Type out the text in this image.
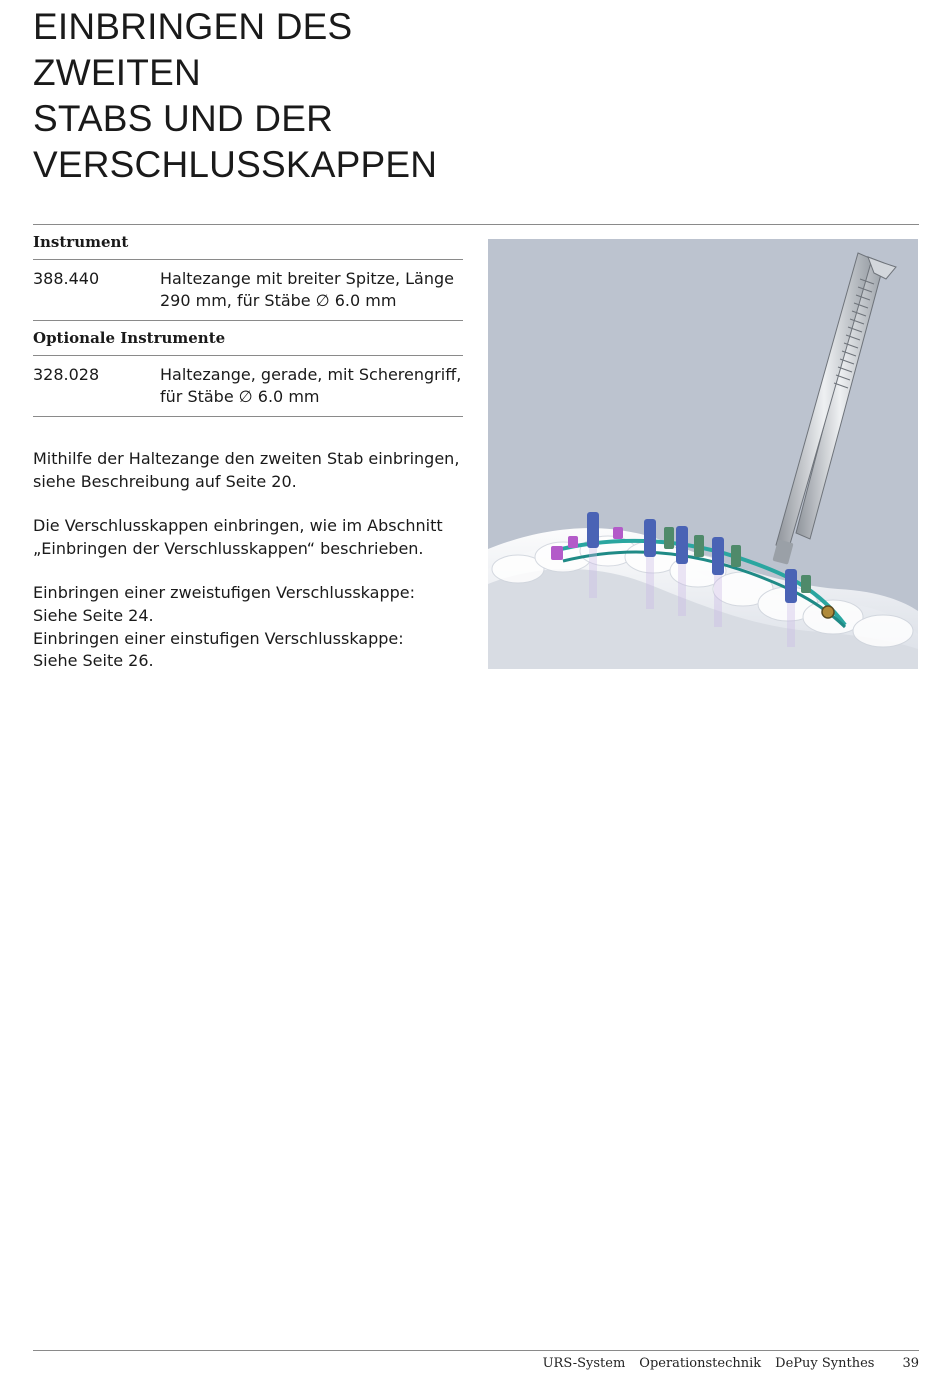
EINBRINGEN DES ZWEITEN
STABS UND DER
VERSCHLUSSKAPPEN
Instrument
388.440	Haltezange mit breiter Spitze, Länge
290 mm, für Stäbe ∅ 6.0 mm
Optionale Instrumente
328.028	Haltezange, gerade, mit Scherengriff,
für Stäbe ∅ 6.0 mm

Mithilfe der Haltezange den zweiten Stab einbringen,
siehe Beschreibung auf Seite 20.

Die Verschlusskappen einbringen, wie im Abschnitt
„Einbringen der Verschlusskappen“ beschrieben.

Einbringen einer zweistufigen Verschlusskappe:
Siehe Seite 24.
Einbringen einer einstufigen Verschlusskappe:
Siehe Seite 26.

URS-System Operationstechnik DePuy Synthes 39
